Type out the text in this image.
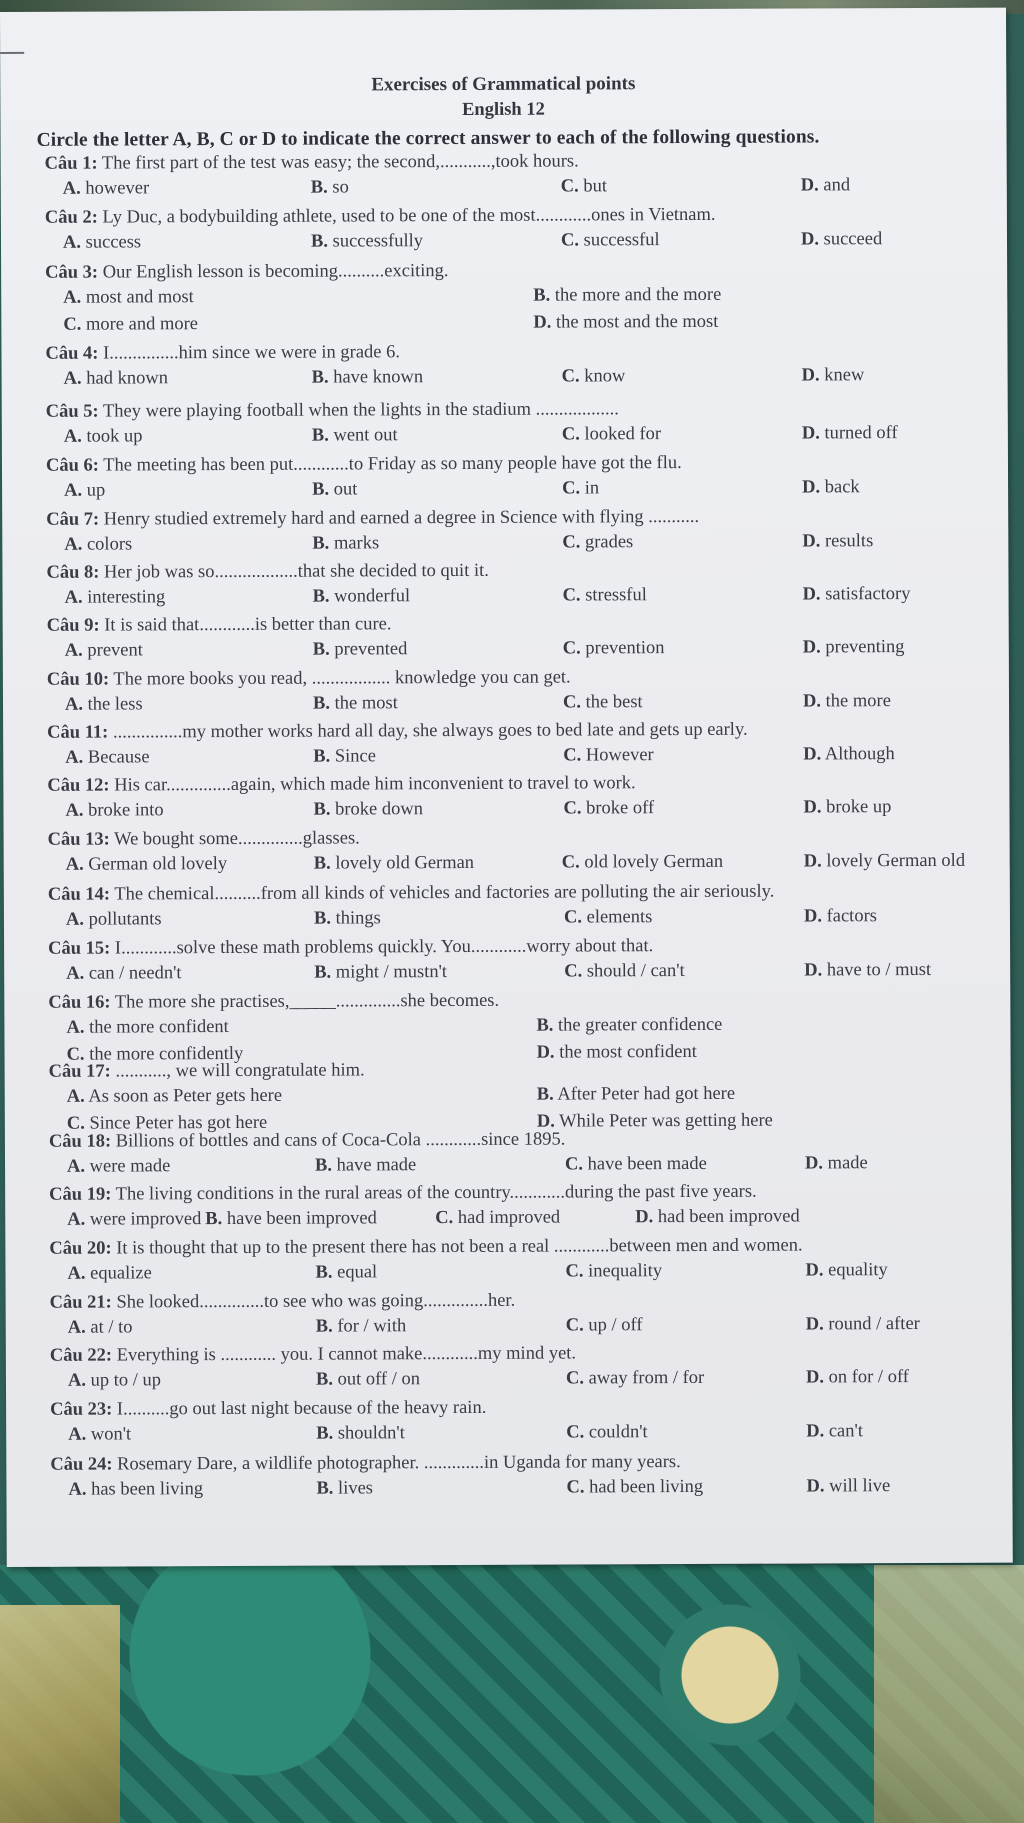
Exercises of Grammatical points
English 12
Circle the letter A, B, C or D to indicate the correct answer to each of the following questions.
Câu 1: The first part of the test was easy; the second,...........,took hours.
A. however	B. so	C. but	D. and
Câu 2: Ly Duc, a bodybuilding athlete, used to be one of the most............ones in Vietnam.
A. success	B. successfully	C. successful	D. succeed
Câu 3: Our English lesson is becoming..........exciting.
A. most and most	B. the more and the more
C. more and more	D. the most and the most
Câu 4: I...............him since we were in grade 6.
A. had known	B. have known	C. know	D. knew
Câu 5: They were playing football when the lights in the stadium ..................
A. took up	B. went out	C. looked for	D. turned off
Câu 6: The meeting has been put............to Friday as so many people have got the flu.
A. up	B. out	C. in	D. back
Câu 7: Henry studied extremely hard and earned a degree in Science with flying ...........
A. colors	B. marks	C. grades	D. results
Câu 8: Her job was so..................that she decided to quit it.
A. interesting	B. wonderful	C. stressful	D. satisfactory
Câu 9: It is said that............is better than cure.
A. prevent	B. prevented	C. prevention	D. preventing
Câu 10: The more books you read, ................. knowledge you can get.
A. the less	B. the most	C. the best	D. the more
Câu 11: ...............my mother works hard all day, she always goes to bed late and gets up early.
A. Because	B. Since	C. However	D. Although
Câu 12: His car..............again, which made him inconvenient to travel to work.
A. broke into	B. broke down	C. broke off	D. broke up
Câu 13: We bought some..............glasses.
A. German old lovely	B. lovely old German	C. old lovely German	D. lovely German old
Câu 14: The chemical..........from all kinds of vehicles and factories are polluting the air seriously.
A. pollutants	B. things	C. elements	D. factors
Câu 15: I............solve these math problems quickly. You............worry about that.
A. can / needn't	B. might / mustn't	C. should / can't	D. have to / must
Câu 16: The more she practises,_____..............she becomes.
A. the more confident	B. the greater confidence
C. the more confidently	D. the most confident
Câu 17: ..........., we will congratulate him.
A. As soon as Peter gets here	B. After Peter had got here
C. Since Peter has got here	D. While Peter was getting here
Câu 18: Billions of bottles and cans of Coca-Cola ............since 1895.
A. were made	B. have made	C. have been made	D. made
Câu 19: The living conditions in the rural areas of the country............during the past five years.
A. were improved B. have been improved	C. had improved	D. had been improved
Câu 20: It is thought that up to the present there has not been a real ............between men and women.
A. equalize	B. equal	C. inequality	D. equality
Câu 21: She looked..............to see who was going..............her.
A. at / to	B. for / with	C. up / off	D. round / after
Câu 22: Everything is ............ you. I cannot make............my mind yet.
A. up to / up	B. out off / on	C. away from / for	D. on for / off
Câu 23: I..........go out last night because of the heavy rain.
A. won't	B. shouldn't	C. couldn't	D. can't
Câu 24: Rosemary Dare, a wildlife photographer. .............in Uganda for many years.
A. has been living	B. lives	C. had been living	D. will live
